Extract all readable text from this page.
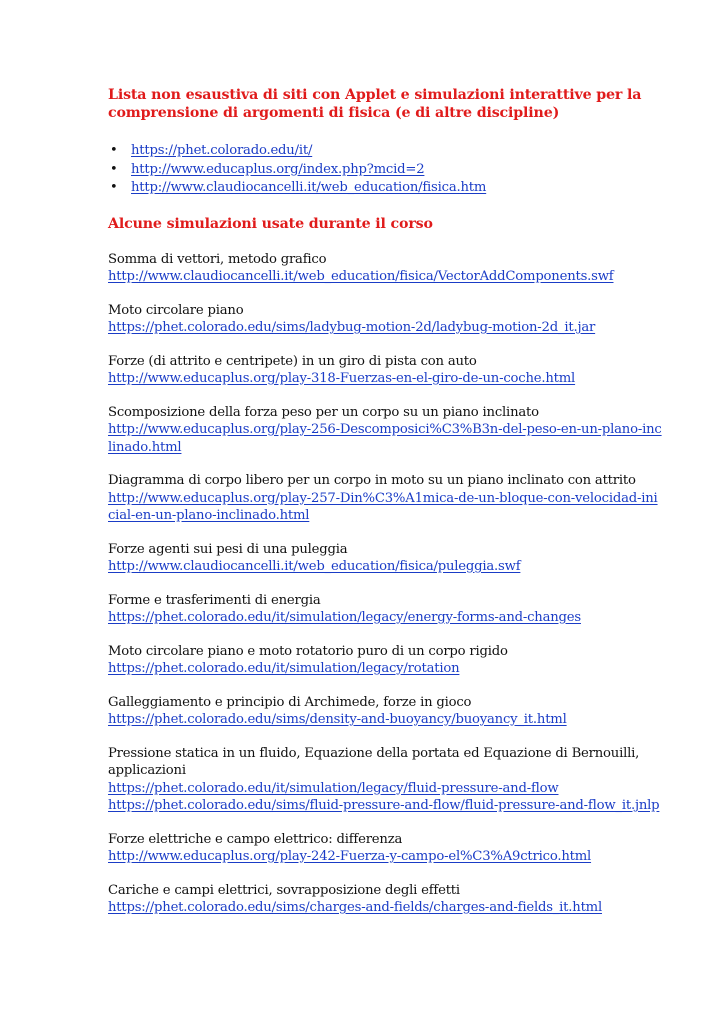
Lista non esaustiva di siti con Applet e simulazioni interattive per la comprensione di argomenti di fisica (e di altre discipline)

• https://phet.colorado.edu/it/
• http://www.educaplus.org/index.php?mcid=2
• http://www.claudiocancelli.it/web_education/fisica.htm

Alcune simulazioni usate durante il corso

Somma di vettori, metodo grafico
http://www.claudiocancelli.it/web_education/fisica/VectorAddComponents.swf
Moto circolare piano
https://phet.colorado.edu/sims/ladybug-motion-2d/ladybug-motion-2d_it.jar
Forze (di attrito e centripete) in un giro di pista con auto
http://www.educaplus.org/play-318-Fuerzas-en-el-giro-de-un-coche.html
Scomposizione della forza peso per un corpo su un piano inclinato
http://www.educaplus.org/play-256-Descomposici%C3%B3n-del-peso-en-un-plano-inclinado.html
Diagramma di corpo libero per un corpo in moto su un piano inclinato con attrito
http://www.educaplus.org/play-257-Din%C3%A1mica-de-un-bloque-con-velocidad-inicial-en-un-plano-inclinado.html
Forze agenti sui pesi di una puleggia
http://www.claudiocancelli.it/web_education/fisica/puleggia.swf
Forme e trasferimenti di energia
https://phet.colorado.edu/it/simulation/legacy/energy-forms-and-changes
Moto circolare piano e moto rotatorio puro di un corpo rigido
https://phet.colorado.edu/it/simulation/legacy/rotation
Galleggiamento e principio di Archimede, forze in gioco
https://phet.colorado.edu/sims/density-and-buoyancy/buoyancy_it.html
Pressione statica in un fluido, Equazione della portata ed Equazione di Bernouilli, applicazioni
https://phet.colorado.edu/it/simulation/legacy/fluid-pressure-and-flow
https://phet.colorado.edu/sims/fluid-pressure-and-flow/fluid-pressure-and-flow_it.jnlp
Forze elettriche e campo elettrico: differenza
http://www.educaplus.org/play-242-Fuerza-y-campo-el%C3%A9ctrico.html
Cariche e campi elettrici, sovrapposizione degli effetti
https://phet.colorado.edu/sims/charges-and-fields/charges-and-fields_it.html
